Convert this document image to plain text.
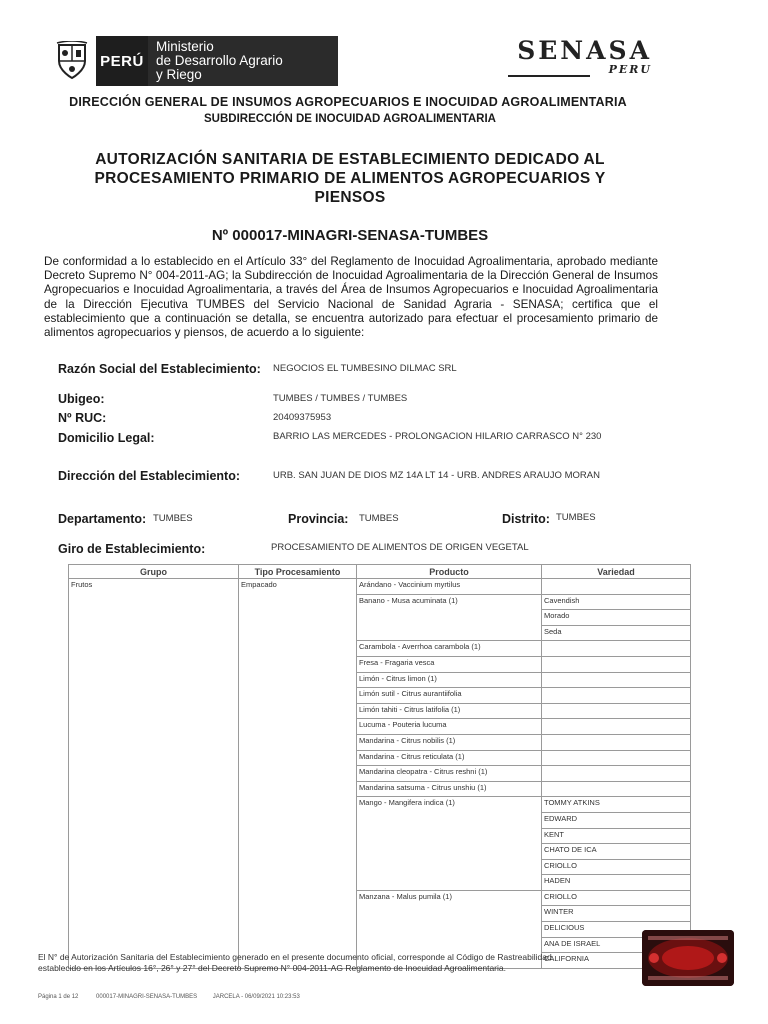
PERÚ
Ministerio
de Desarrollo Agrario
y Riego
SENASA
PERU
DIRECCIÓN GENERAL DE INSUMOS AGROPECUARIOS E INOCUIDAD AGROALIMENTARIA
SUBDIRECCIÓN DE INOCUIDAD AGROALIMENTARIA
AUTORIZACIÓN SANITARIA DE ESTABLECIMIENTO DEDICADO AL
PROCESAMIENTO PRIMARIO DE ALIMENTOS AGROPECUARIOS Y
PIENSOS
Nº 000017-MINAGRI-SENASA-TUMBES
De conformidad a lo establecido en el Artículo 33° del Reglamento de Inocuidad Agroalimentaria, aprobado mediante Decreto Supremo N° 004-2011-AG; la Subdirección de Inocuidad Agroalimentaria de la Dirección General de Insumos Agropecuarios e Inocuidad Agroalimentaria, a través del Área de Insumos Agropecuarios e Inocuidad Agroalimentaria de la Dirección Ejecutiva TUMBES del Servicio Nacional de Sanidad Agraria - SENASA; certifica que el establecimiento que a continuación se detalla, se encuentra autorizado para efectuar el procesamiento primario de alimentos agropecuarios y piensos, de acuerdo a lo siguiente:
Razón Social del Establecimiento: NEGOCIOS EL TUMBESINO DILMAC SRL
Ubigeo:	TUMBES / TUMBES / TUMBES
Nº RUC:	20409375953
Domicilio Legal:	BARRIO LAS MERCEDES - PROLONGACION HILARIO CARRASCO N° 230
Dirección del Establecimiento:	URB. SAN JUAN DE DIOS MZ 14A LT 14 - URB. ANDRES ARAUJO MORAN
Departamento: TUMBES	Provincia: TUMBES	Distrito: TUMBES
Giro de Establecimiento:	PROCESAMIENTO DE ALIMENTOS DE ORIGEN VEGETAL
Grupo	Tipo Procesamiento	Producto	Variedad
Frutos	Empacado	Arándano - Vaccinium myrtilus	
		Banano - Musa acuminata (1)	Cavendish
			Morado
			Seda
		Carambola - Averrhoa carambola (1)	
		Fresa - Fragaria vesca	
		Limón - Citrus limon (1)	
		Limón sutil - Citrus aurantiifolia	
		Limón tahiti - Citrus latifolia (1)	
		Lucuma - Pouteria lucuma	
		Mandarina - Citrus nobilis (1)	
		Mandarina - Citrus reticulata (1)	
		Mandarina cleopatra - Citrus reshni (1)	
		Mandarina satsuma - Citrus unshiu (1)	
		Mango - Mangifera indica (1)	TOMMY ATKINS
			EDWARD
			KENT
			CHATO DE ICA
			CRIOLLO
			HADEN
		Manzana - Malus pumila (1)	CRIOLLO
			WINTER
			DELICIOUS
			ANA DE ISRAEL
			CALIFORNIA
El N° de Autorización Sanitaria del Establecimiento generado en el presente documento oficial, corresponde al Código de Rastreabilidad establecido en los Artículos 16°, 26° y 27° del Decreto Supremo N° 004-2011-AG Reglamento de Inocuidad Agroalimentaria.
Página 1 de 12	000017-MINAGRI-SENASA-TUMBES	JARCELA - 06/09/2021 10:23:53
